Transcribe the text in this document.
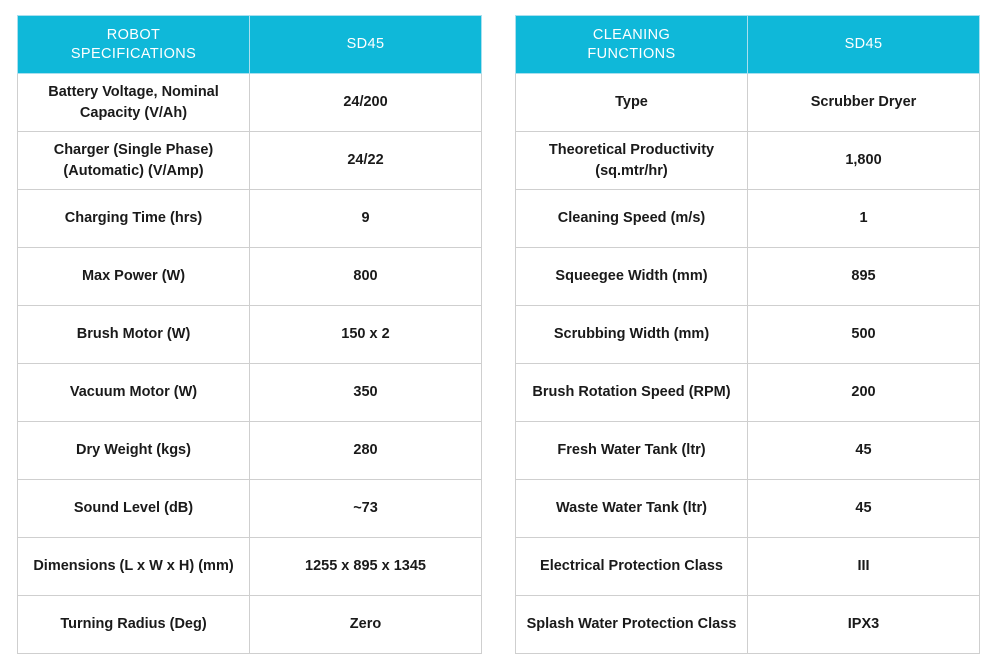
ROBOT
SPECIFICATIONS	SD45
Battery Voltage, Nominal
Capacity (V/Ah)	24/200
Charger (Single Phase)
(Automatic) (V/Amp)	24/22
Charging Time (hrs)	9
Max Power (W)	800
Brush Motor (W)	150 x 2
Vacuum Motor (W)	350
Dry Weight (kgs)	280
Sound Level (dB)	~73
Dimensions (L x W x H) (mm)	1255 x 895 x 1345
Turning Radius (Deg)	Zero
CLEANING
FUNCTIONS	SD45
Type	Scrubber Dryer
Theoretical Productivity
(sq.mtr/hr)	1,800
Cleaning Speed (m/s)	1
Squeegee Width (mm)	895
Scrubbing Width (mm)	500
Brush Rotation Speed (RPM)	200
Fresh Water Tank (ltr)	45
Waste Water Tank (ltr)	45
Electrical Protection Class	III
Splash Water Protection Class	IPX3
